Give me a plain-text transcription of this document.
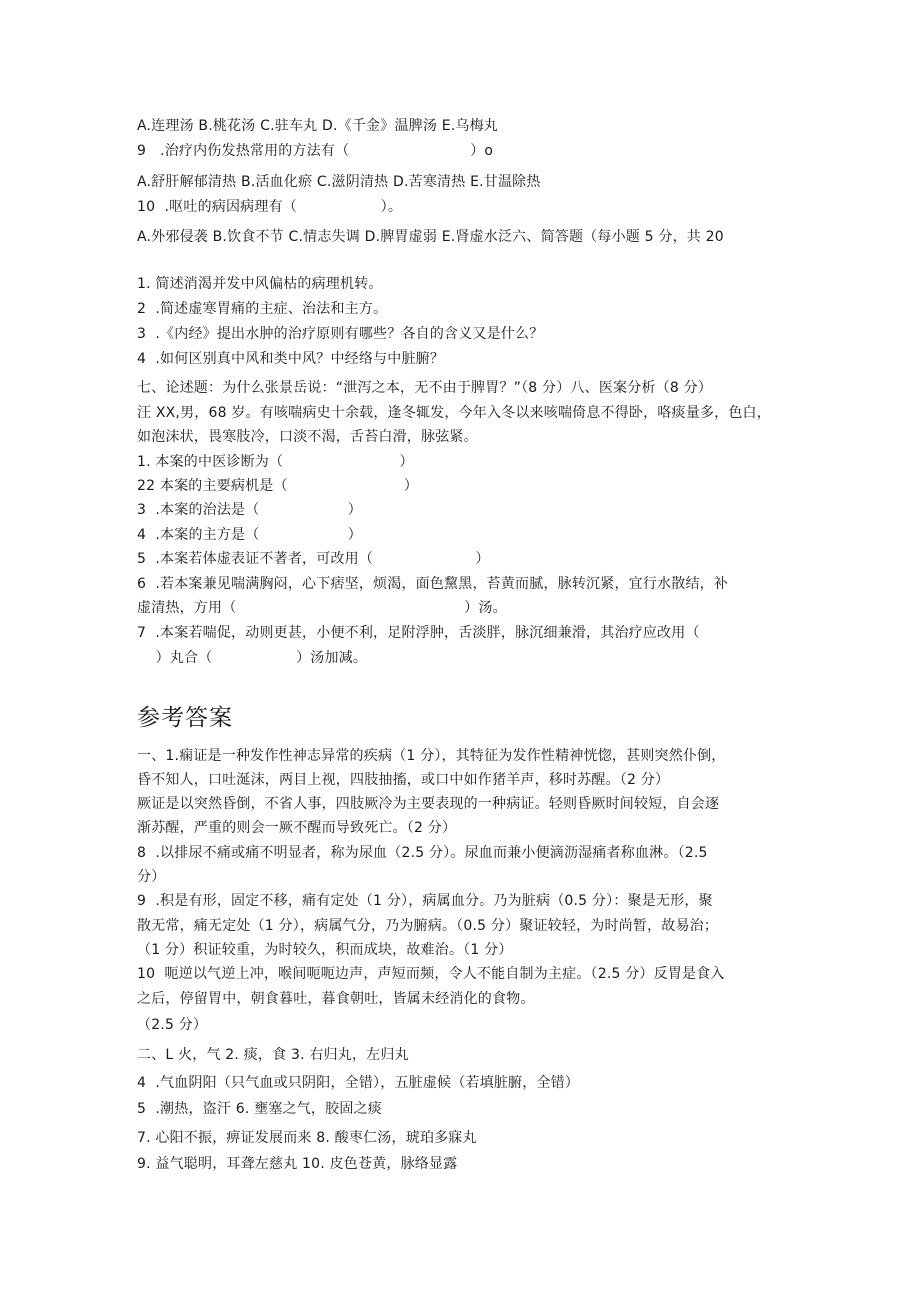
A.连理汤 B.桃花汤 C.驻车丸 D.《千金》温脾汤 E.乌梅丸
9   .治疗内伤发热常用的方法有（                          ）o
A.舒肝解郁清热 B.活血化瘀 C.滋阴清热 D.苦寒清热 E.甘温除热
10  .呕吐的病因病理有（                  ）。
A.外邪侵袭 B.饮食不节 C.情志失调 D.脾胃虚弱 E.肾虚水泛六、简答题（每小题 5 分，共 20
1. 简述消渴并发中风偏枯的病理机转。
2  .简述虚寒胃痛的主症、治法和主方。
3  .《内经》提出水肿的治疗原则有哪些？各自的含义又是什么？
4  .如何区别真中风和类中风？中经络与中脏腑？
七、论述题：为什么张景岳说：“泄泻之本，无不由于脾胃？”（8 分）八、医案分析（8 分）
汪 XX,男，68 岁。有咳喘病史十余载，逢冬辄发，今年入冬以来咳喘倚息不得卧，咯痰量多，色白，如泡沫状，畏寒肢冷，口淡不渴，舌苔白滑，脉弦紧。
1. 本案的中医诊断为（                         ）
22 本案的主要病机是（                         ）
3  .本案的治法是（                   ）
4  .本案的主方是（                   ）
5  .本案若体虚表证不著者，可改用（                      ）
6  .若本案兼见喘满胸闷，心下痞坚，烦渴，面色黧黑，苔黄而腻，脉转沉紧，宜行水散结，补
虚清热，方用（                                                 ）汤。
7  .本案若喘促，动则更甚，小便不利，足附浮肿，舌淡胖，脉沉细兼滑，其治疗应改用（
）丸合（                  ）汤加减。
参考答案
一、1.痫证是一种发作性神志异常的疾病（1 分），其特征为发作性精神恍惚，甚则突然仆倒，
昏不知人，口吐涎沫，两目上视，四肢抽搐，或口中如作猪羊声，移时苏醒。（2 分）
厥证是以突然昏倒，不省人事，四肢厥冷为主要表现的一种病证。轻则昏厥时间较短，自会逐
渐苏醒，严重的则会一厥不醒而导致死亡。（2 分）
8  .以排尿不痛或痛不明显者，称为尿血（2.5 分）。尿血而兼小便滴沥湿痛者称血淋。（2.5
分）
9  .积是有形，固定不移，痛有定处（1 分），病属血分。乃为脏病（0.5 分）：聚是无形，聚
散无常，痛无定处（1 分），病属气分，乃为腑病。（0.5 分）聚证较轻，为时尚暂，故易治；
（1 分）积证较重，为时较久，积而成块，故难治。（1 分）
10  呃逆以气逆上冲，喉间呃呃边声，声短而频，令人不能自制为主症。（2.5 分）反胃是食入
之后，停留胃中，朝食暮吐，暮食朝吐，皆属未经消化的食物。
（2.5 分）
二、L 火，气 2. 痰，食 3. 右归丸，左归丸
4  .气血阴阳（只气血或只阴阳，全错），五脏虚候（若填脏腑，全错）
5  .潮热，盗汗 6. 壅塞之气，胶固之痰
7. 心阳不振，痹证发展而来 8. 酸枣仁汤，琥珀多寐丸
9. 益气聪明，耳聋左慈丸 10. 皮色苍黄，脉络显露
